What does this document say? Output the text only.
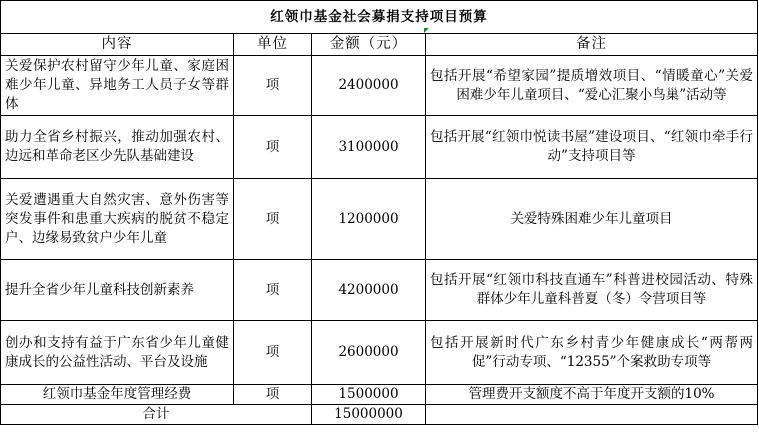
红领巾基金社会募捐支持项目预算			
内容	单位	金额（元）	备注
关爱保护农村留守少年儿童、家庭困难少年儿童、异地务工人员子女等群体	项	2400000	包括开展“希望家园”提质增效项目、“情暖童心”关爱困难少年儿童项目、“爱心汇聚小鸟巢”活动等
助力全省乡村振兴，推动加强农村、边远和革命老区少先队基础建设	项	3100000	包括开展“红领巾悦读书屋”建设项目、“红领巾牵手行动”支持项目等
关爱遭遇重大自然灾害、意外伤害等突发事件和患重大疾病的脱贫不稳定户、边缘易致贫户少年儿童	项	1200000	关爱特殊困难少年儿童项目
提升全省少年儿童科技创新素养	项	4200000	包括开展“红领巾科技直通车”科普进校园活动、特殊群体少年儿童科普夏（冬）令营项目等
创办和支持有益于广东省少年儿童健康成长的公益性活动、平台及设施	项	2600000	包括开展新时代广东乡村青少年健康成长“两帮两促”行动专项、“12355”个案救助专项等
红领巾基金年度管理经费	项	1500000	管理费开支额度不高于年度开支额的10%
合计		15000000	
